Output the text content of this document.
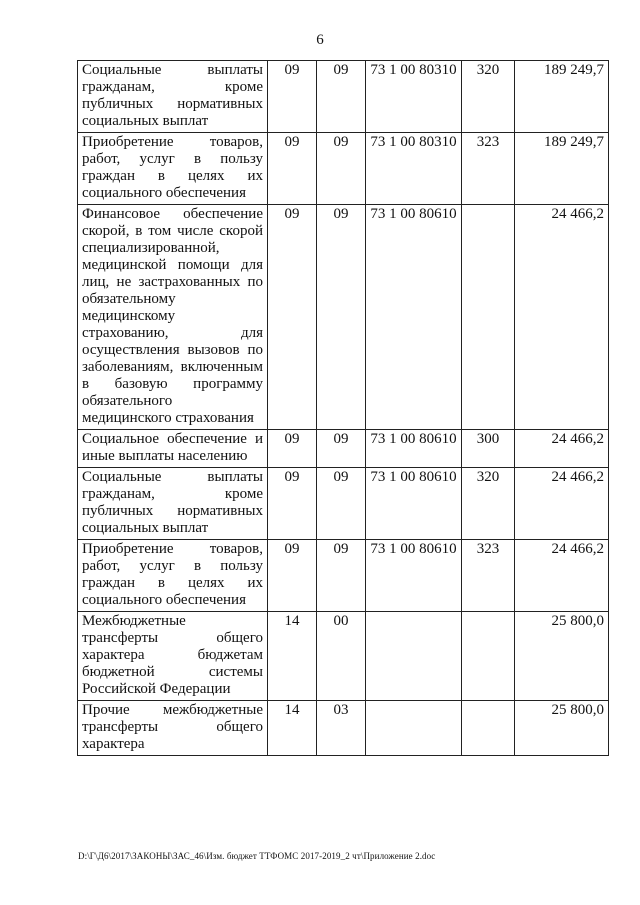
6
Социальные выплаты гражданам, кроме публичных нормативных социальных выплат	09	09	73 1 00 80310	320	189 249,7
Приобретение товаров, работ, услуг в пользу граждан в целях их социального обеспечения	09	09	73 1 00 80310	323	189 249,7
Финансовое обеспечение скорой, в том числе скорой специализированной, медицинской помощи для лиц, не застрахованных по обязательному медицинскому страхованию, для осуществления вызовов по заболеваниям, включенным в базовую программу обязательного медицинского страхования	09	09	73 1 00 80610		24 466,2
Социальное обеспечение и иные выплаты населению	09	09	73 1 00 80610	300	24 466,2
Социальные выплаты гражданам, кроме публичных нормативных социальных выплат	09	09	73 1 00 80610	320	24 466,2
Приобретение товаров, работ, услуг в пользу граждан в целях их социального обеспечения	09	09	73 1 00 80610	323	24 466,2
Межбюджетные трансферты общего характера бюджетам бюджетной системы Российской Федерации	14	00			25 800,0
Прочие межбюджетные трансферты общего характера	14	03			25 800,0
D:\Г\Д6\2017\ЗАКОНЫ\ЗАС_46\Изм. бюджет ТТФОМС 2017-2019_2 чт\Приложение 2.doc
